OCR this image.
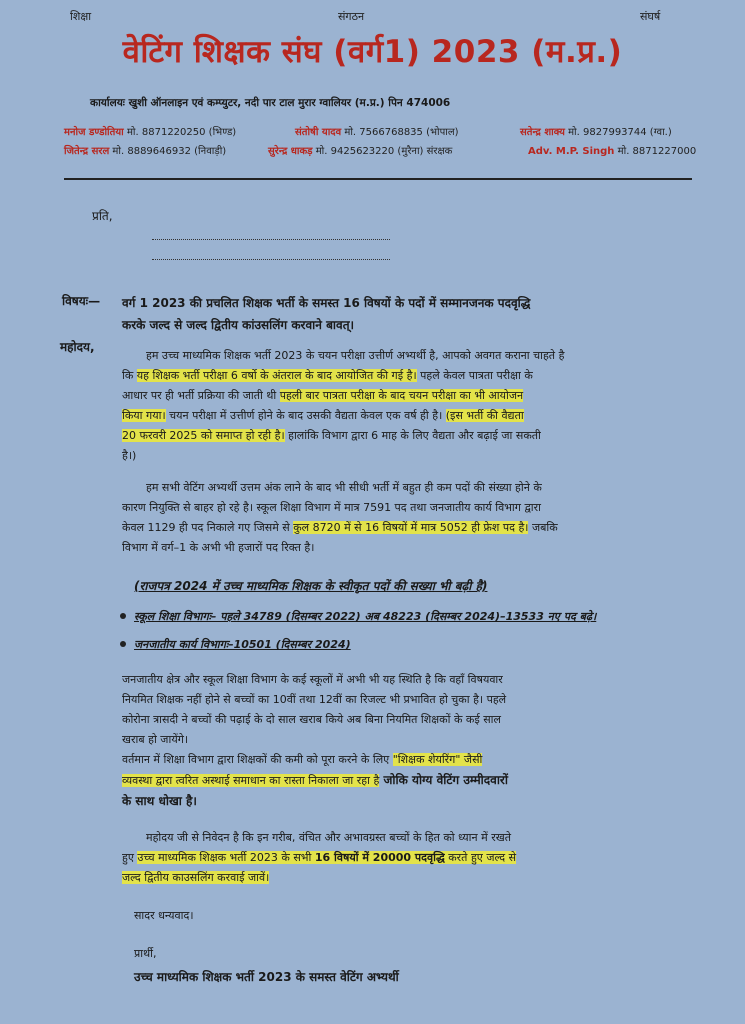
शिक्षा	संगठन	संघर्ष
वेटिंग शिक्षक संघ (वर्ग1) 2023 (म.प्र.)
कार्यालयः खुशी ऑनलाइन एवं कम्प्युटर, नदी पार टाल मुरार ग्वालियर (म.प्र.) पिन 474006
मनोज डण्डोतिया मो. 8871220250 (भिण्ड)	संतोषी यादव मो. 7566768835 (भोपाल)	सतेन्द्र शाक्य मो. 9827993744 (ग्वा.)
जितेन्द्र सरल मो. 8889646932 (निवाड़ी)	सुरेन्द्र धाकड़ मो. 9425623220 (मुरैना) संरक्षक	Adv. M.P. Singh मो. 8871227000
प्रति,
विषयः— वर्ग 1 2023 की प्रचलित शिक्षक भर्ती के समस्त 16 विषयों के पदों में सम्मानजनक पदवृद्धि
करके जल्द से जल्द द्वितीय कांउसलिंग करवाने बावत्।
महोदय,
हम उच्च माध्यमिक शिक्षक भर्ती 2023 के चयन परीक्षा उत्तीर्ण अभ्यर्थी है, आपको अवगत कराना चाहते है
कि यह शिक्षक भर्ती परीक्षा 6 वर्षो के अंतराल के बाद आयोजित की गई है। पहले केवल पात्रता परीक्षा के
आधार पर ही भर्ती प्रक्रिया की जाती थी पहली बार पात्रता परीक्षा के बाद चयन परीक्षा का भी आयोजन
किया गया। चयन परीक्षा में उत्तीर्ण होने के बाद उसकी वैद्यता केवल एक वर्ष ही है। (इस भर्ती की वैद्यता
20 फरवरी 2025 को समाप्त हो रही है। हालांकि विभाग द्वारा 6 माह के लिए वैद्यता और बढ़ाई जा सकती
है।)
हम सभी वेटिंग अभ्यर्थी उत्तम अंक लाने के बाद भी सीधी भर्ती में बहुत ही कम पदों की संख्या होने के
कारण नियुक्ति से बाहर हो रहे है। स्कूल शिक्षा विभाग में मात्र 7591 पद तथा जनजातीय कार्य विभाग द्वारा
केवल 1129 ही पद निकाले गए जिसमे से कुल 8720 में से 16 विषयों में मात्र 5052 ही फ्रेश पद है। जबकि
विभाग में वर्ग–1 के अभी भी हजारों पद रिक्त है।
(राजपत्र 2024 में उच्च माध्यमिक शिक्षक के स्वीकृत पदों की सख्या भी बढ़ी है)
स्कूल शिक्षा विभागः– पहले 34789 (दिसम्बर 2022) अब 48223 (दिसम्बर 2024)–13533 नए पद बढ़े।
जनजातीय कार्य विभागः–10501 (दिसम्बर 2024)
जनजातीय क्षेत्र और स्कूल शिक्षा विभाग के कई स्कूलों में अभी भी यह स्थिति है कि वहाँ विषयवार
नियमित शिक्षक नहीं होने से बच्चों का 10वीं तथा 12वीं का रिजल्ट भी प्रभावित हो चुका है। पहले
कोरोना त्रासदी ने बच्चों की पढ़ाई के दो साल खराब किये अब बिना नियमित शिक्षकों के कई साल
खराब हो जायेंगे।
वर्तमान में शिक्षा विभाग द्वारा शिक्षकों की कमी को पूरा करने के लिए "शिक्षक शेयरिंग" जैसी
व्यवस्था द्वारा त्वरित अस्थाई समाधान का रास्ता निकाला जा रहा है जोकि योग्य वेटिंग उम्मीदवारों
के साथ धोखा है।
महोदय जी से निवेदन है कि इन गरीब, वंचित और अभावग्रस्त बच्चों के हित को ध्यान में रखते
हुए उच्च माध्यमिक शिक्षक भर्ती 2023 के सभी 16 विषयों में 20000 पदवृद्धि करते हुए जल्द से
जल्द द्वितीय काउसलिंग करवाई जावें।
सादर धन्यवाद।
प्रार्थी,
उच्च माध्यमिक शिक्षक भर्ती 2023 के समस्त वेटिंग अभ्यर्थी
